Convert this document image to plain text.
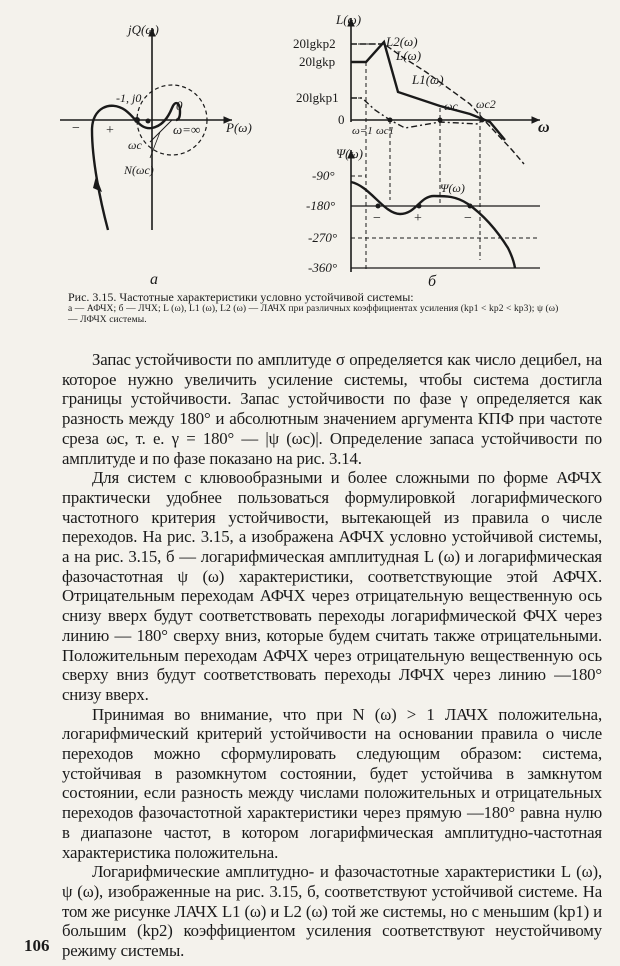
jQ(ω)
P(ω)
-1, j0	0
ω=∞
ωc
N(ωc)
− +
а
L(ω)
20lgkp2
20lgkp
20lgkp1
0
L2(ω)
L(ω)
L1(ω)
ωc ωc2
ω=1 ωc1	ω
Ψ(ω)
Ψ(ω)
-90°
-180°
-270°
-360°
− +	−
б
Рис. 3.15. Частотные характеристики условно устойчивой системы:
а — АФЧХ; б — ЛЧХ; L (ω), L1 (ω), L2 (ω) — ЛАЧХ при различных коэффициентах усиления (kp1 < kp2 < kp3); ψ (ω) — ЛФЧХ системы.

Запас устойчивости по амплитуде σ определяется как число децибел, на которое нужно увеличить усиление системы, чтобы система достигла границы устойчивости. Запас устойчивости по фазе γ определяется как разность между 180° и абсолютным значением аргумента КПФ при частоте среза ωc, т. е. γ = 180° — |ψ (ωc)|. Определение запаса устойчивости по амплитуде и по фазе показано на рис. 3.14.

Для систем с клювообразными и более сложными по форме АФЧХ практически удобнее пользоваться формулировкой логарифмического частотного критерия устойчивости, вытекающей из правила о числе переходов. На рис. 3.15, а изображена АФЧХ условно устойчивой системы, а на рис. 3.15, б — логарифмическая амплитудная L (ω) и логарифмическая фазочастотная ψ (ω) характеристики, соответствующие этой АФЧХ. Отрицательным переходам АФЧХ через отрицательную вещественную ось снизу вверх будут соответствовать переходы логарифмической ФЧХ через линию — 180° сверху вниз, которые будем считать также отрицательными. Положительным переходам АФЧХ через отрицательную вещественную ось сверху вниз будут соответствовать переходы ЛФЧХ через линию —180° снизу вверх.

Принимая во внимание, что при N (ω) > 1 ЛАЧХ положительна, логарифмический критерий устойчивости на основании правила о числе переходов можно сформулировать следующим образом: системa, устойчивая в разомкнутом состоянии, будет устойчива в замкнутом состоянии, если разность между числами положительных и отрицательных переходов фазочастотной характеристики через прямую —180° равна нулю в диапазоне частот, в котором логарифмическая амплитудно-частотная характеристика положительна.

Логарифмические амплитудно- и фазочастотные характеристики L (ω), ψ (ω), изображенные на рис. 3.15, б, соответствуют устойчивой системе. На том же рисунке ЛАЧХ L1 (ω) и L2 (ω) той же системы, но с меньшим (kp1) и большим (kp2) коэффициентом усиления соответствуют неустойчивому режиму системы.

106
